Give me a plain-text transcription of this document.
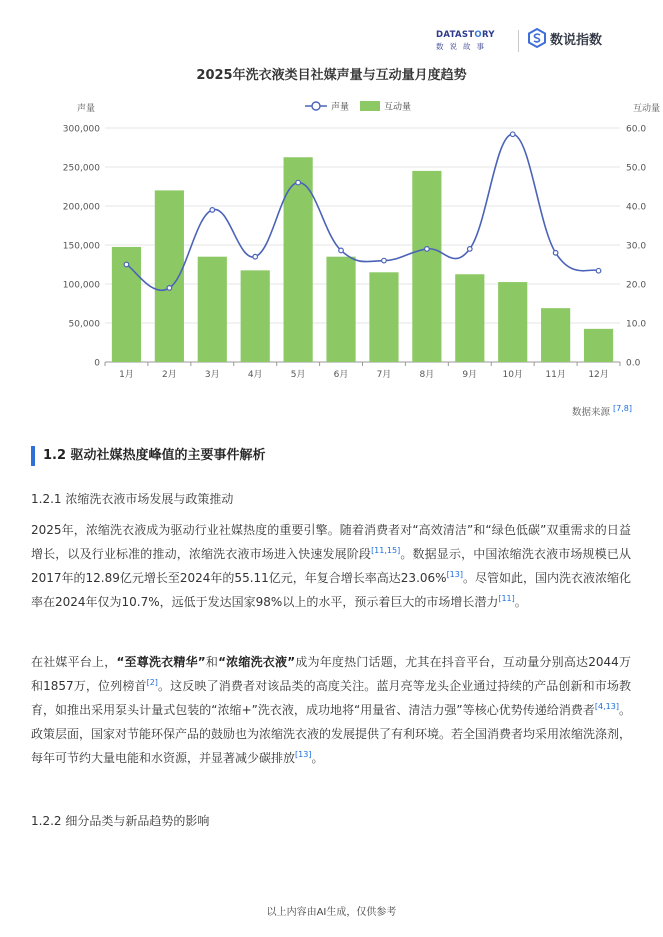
DATASTORY
数说故事	数说指数
2025年洗衣液类目社媒声量与互动量月度趋势
0
50,000
100,000
150,000
200,000
250,000
300,000
0.0
10.0
20.0
30.0
40.0
50.0
60.0
声量	互动量
1月	2月	3月	4月	5月	6月	7月	8月	9月	10月 11月 12月
声量	互动量
数据来源 [7,8]
1.2 驱动社媒热度峰值的主要事件解析
1.2.1 浓缩洗衣液市场发展与政策推动
2025年，浓缩洗衣液成为驱动行业社媒热度的重要引擎。随着消费者对“高效清洁”和“绿色低碳”双重需求的日益增长，以及行业标准的推动，浓缩洗衣液市场进入快速发展阶段[11,15]。数据显示，中国浓缩洗衣液市场规模已从2017年的12.89亿元增长至2024年的55.11亿元，年复合增长率高达23.06%[13]。尽管如此，国内洗衣液浓缩化率在2024年仅为10.7%，远低于发达国家98%以上的水平，预示着巨大的市场增长潜力[11]。
在社媒平台上，“至尊洗衣精华”和“浓缩洗衣液”成为年度热门话题，尤其在抖音平台，互动量分别高达2044万和1857万，位列榜首[2]。这反映了消费者对该品类的高度关注。蓝月亮等龙头企业通过持续的产品创新和市场教育，如推出采用泵头计量式包装的“浓缩+”洗衣液，成功地将“用量省、清洁力强”等核心优势传递给消费者[4,13]。政策层面，国家对节能环保产品的鼓励也为浓缩洗衣液的发展提供了有利环境。若全国消费者均采用浓缩洗涤剂，每年可节约大量电能和水资源，并显著减少碳排放[13]。
1.2.2 细分品类与新品趋势的影响
以上内容由AI生成，仅供参考
